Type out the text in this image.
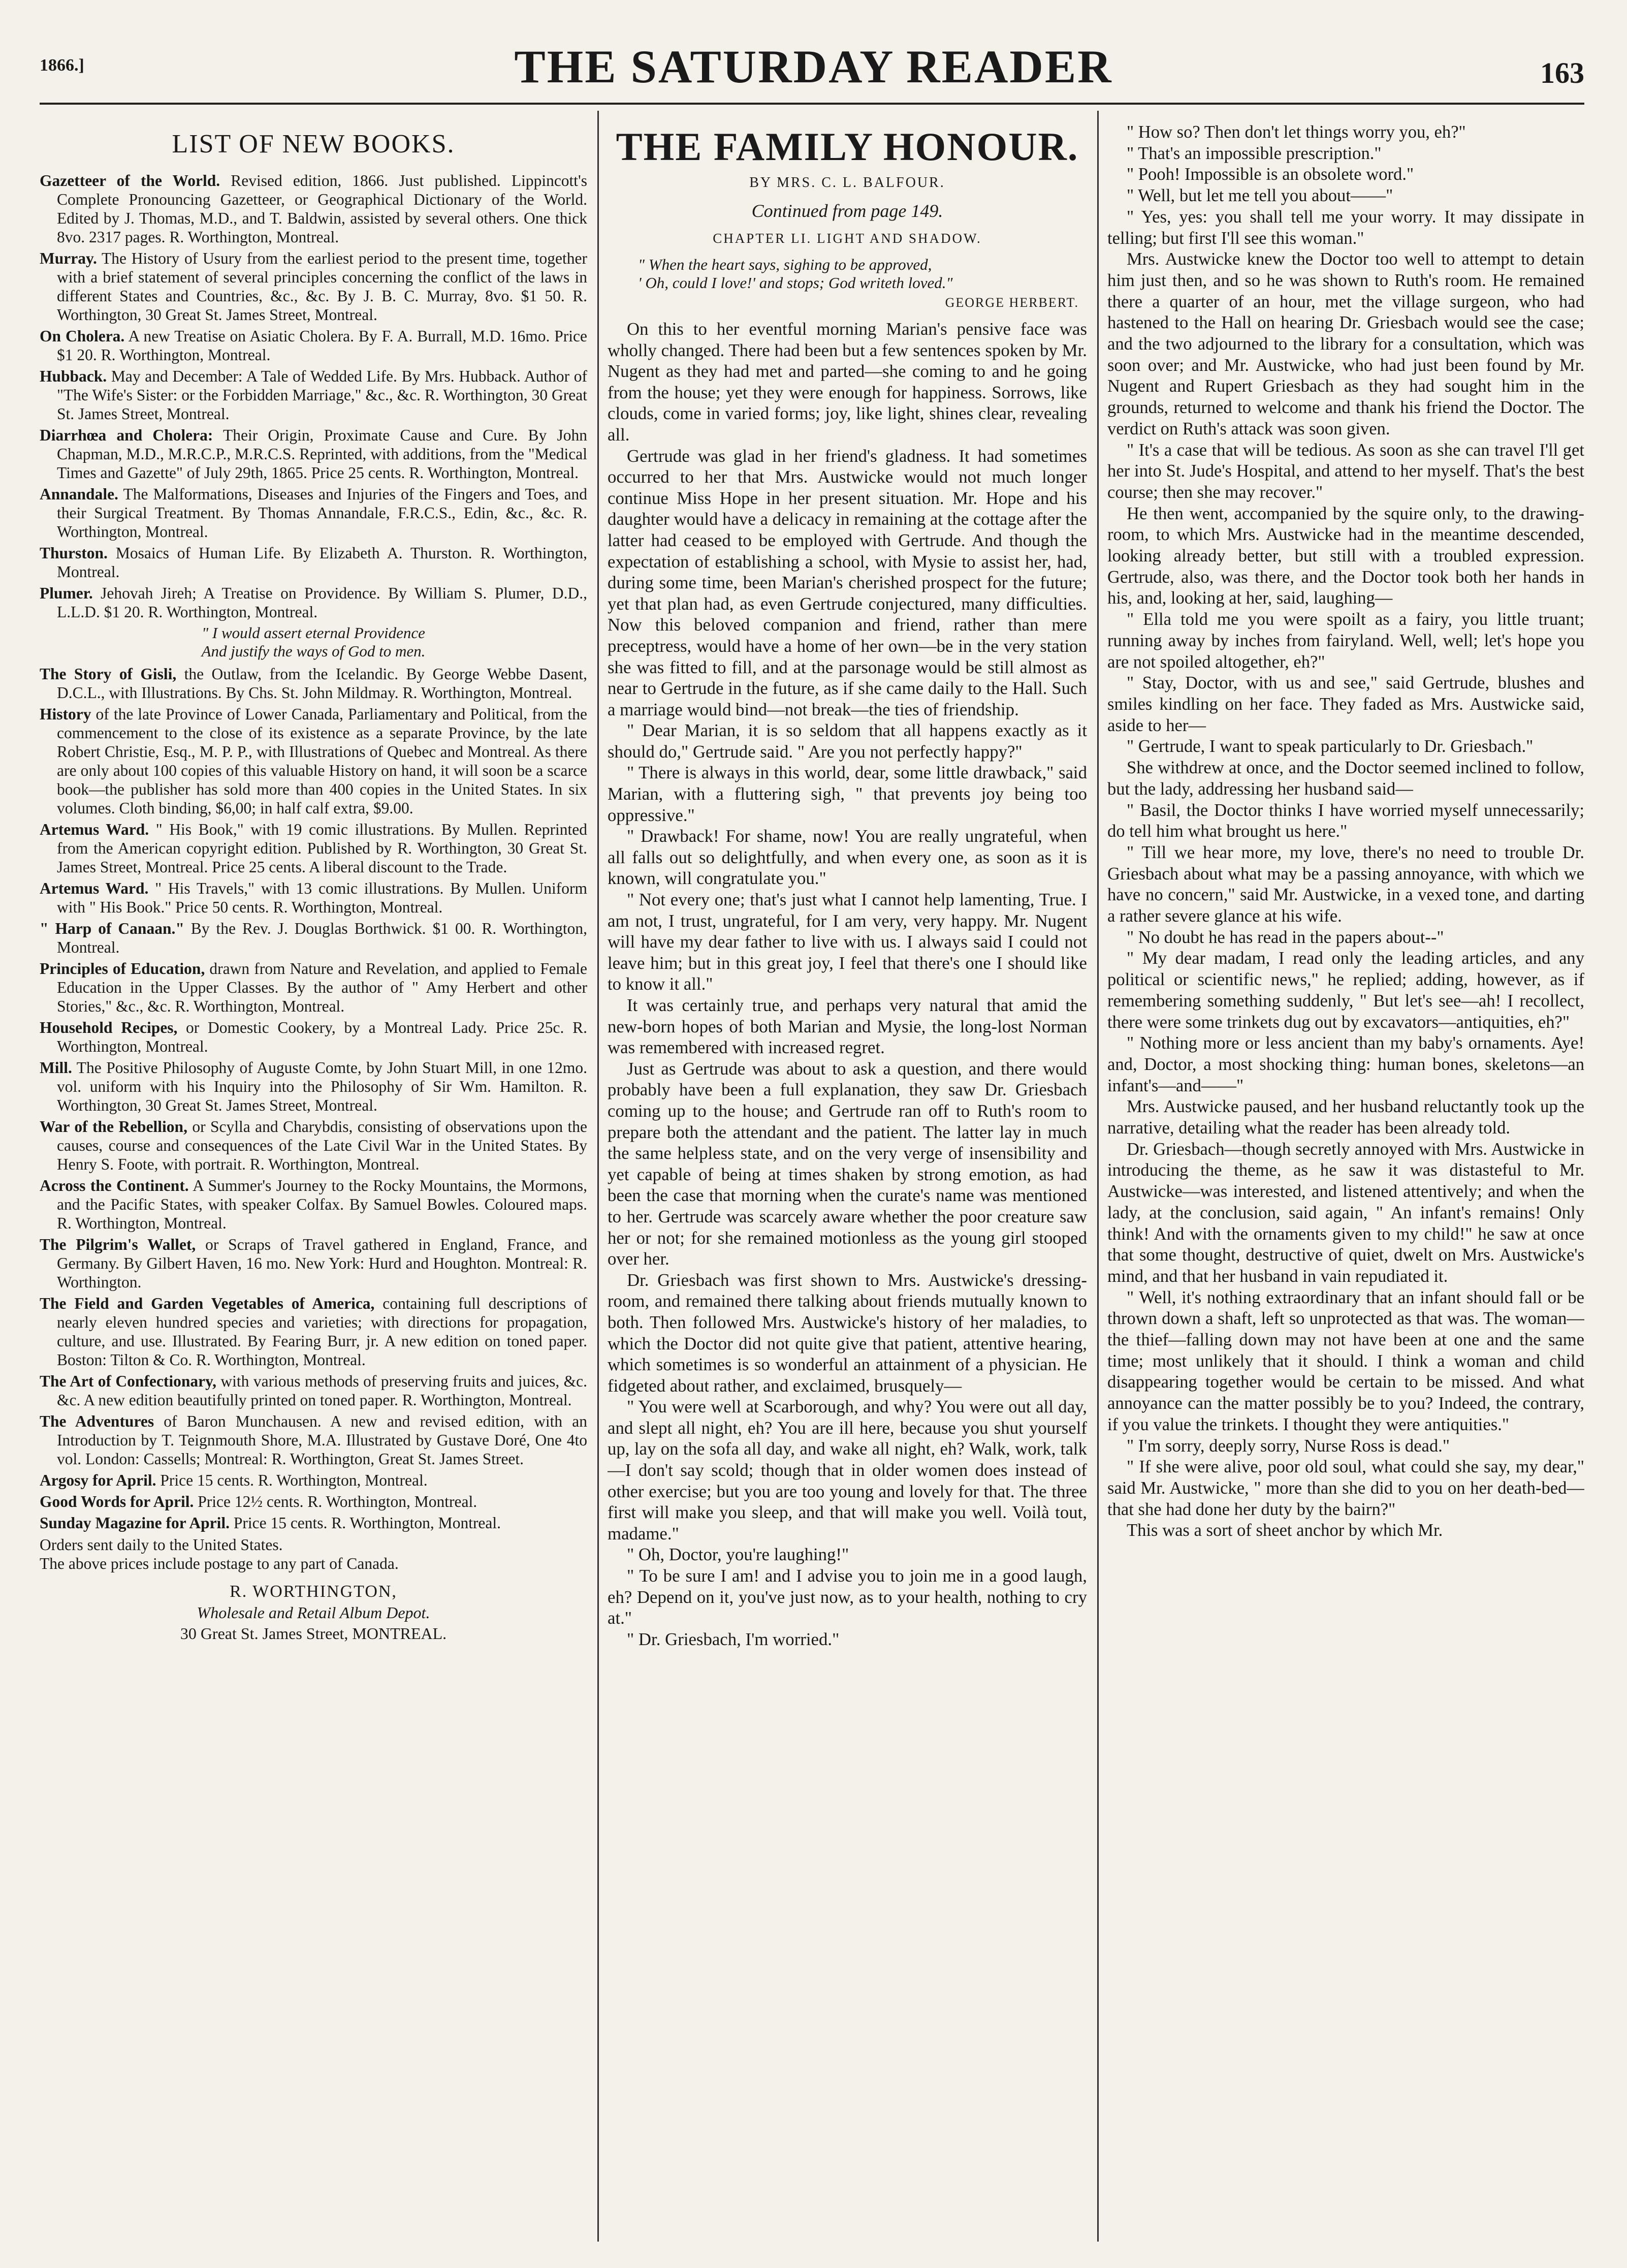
1866.]	THE SATURDAY READER	163
LIST OF NEW BOOKS.

Gazetteer of the World. Revised edition, 1866. Just published. Lippincott's Complete Pronouncing Gazetteer, or Geographical Dictionary of the World. Edited by J. Thomas, M.D., and T. Baldwin, assisted by several others. One thick 8vo. 2317 pages. R. Worthington, Montreal.

Murray. The History of Usury from the earliest period to the present time, together with a brief statement of several principles concerning the conflict of the laws in different States and Countries, &c., &c. By J. B. C. Murray, 8vo. $1 50. R. Worthington, 30 Great St. James Street, Montreal.

On Cholera. A new Treatise on Asiatic Cholera. By F. A. Burrall, M.D. 16mo. Price $1 20. R. Worthington, Montreal.

Hubback. May and December: A Tale of Wedded Life. By Mrs. Hubback. Author of "The Wife's Sister: or the Forbidden Marriage," &c., &c. R. Worthington, 30 Great St. James Street, Montreal.

Diarrhœa and Cholera: Their Origin, Proximate Cause and Cure. By John Chapman, M.D., M.R.C.P., M.R.C.S. Reprinted, with additions, from the "Medical Times and Gazette" of July 29th, 1865. Price 25 cents. R. Worthington, Montreal.

Annandale. The Malformations, Diseases and Injuries of the Fingers and Toes, and their Surgical Treatment. By Thomas Annandale, F.R.C.S., Edin, &c., &c. R. Worthington, Montreal.

Thurston. Mosaics of Human Life. By Elizabeth A. Thurston. R. Worthington, Montreal.

Plumer. Jehovah Jireh; A Treatise on Providence. By William S. Plumer, D.D., L.L.D. $1 20. R. Worthington, Montreal.

" I would assert eternal Providence
And justify the ways of God to men.

The Story of Gisli, the Outlaw, from the Icelandic. By George Webbe Dasent, D.C.L., with Illustrations. By Chs. St. John Mildmay. R. Worthington, Montreal.

History of the late Province of Lower Canada, Parliamentary and Political, from the commencement to the close of its existence as a separate Province, by the late Robert Christie, Esq., M. P. P., with Illustrations of Quebec and Montreal. As there are only about 100 copies of this valuable History on hand, it will soon be a scarce book—the publisher has sold more than 400 copies in the United States. In six volumes. Cloth binding, $6,00; in half calf extra, $9.00.

Artemus Ward. " His Book," with 19 comic illustrations. By Mullen. Reprinted from the American copyright edition. Published by R. Worthington, 30 Great St. James Street, Montreal. Price 25 cents. A liberal discount to the Trade.

Artemus Ward. " His Travels," with 13 comic illustrations. By Mullen. Uniform with " His Book." Price 50 cents. R. Worthington, Montreal.

" Harp of Canaan." By the Rev. J. Douglas Borthwick. $1 00. R. Worthington, Montreal.

Principles of Education, drawn from Nature and Revelation, and applied to Female Education in the Upper Classes. By the author of " Amy Herbert and other Stories," &c., &c. R. Worthington, Montreal.

Household Recipes, or Domestic Cookery, by a Montreal Lady. Price 25c. R. Worthington, Montreal.

Mill. The Positive Philosophy of Auguste Comte, by John Stuart Mill, in one 12mo. vol. uniform with his Inquiry into the Philosophy of Sir Wm. Hamilton. R. Worthington, 30 Great St. James Street, Montreal.

War of the Rebellion, or Scylla and Charybdis, consisting of observations upon the causes, course and consequences of the Late Civil War in the United States. By Henry S. Foote, with portrait. R. Worthington, Montreal.

Across the Continent. A Summer's Journey to the Rocky Mountains, the Mormons, and the Pacific States, with speaker Colfax. By Samuel Bowles. Coloured maps. R. Worthington, Montreal.

The Pilgrim's Wallet, or Scraps of Travel gathered in England, France, and Germany. By Gilbert Haven, 16 mo. New York: Hurd and Houghton. Montreal: R. Worthington.

The Field and Garden Vegetables of America, containing full descriptions of nearly eleven hundred species and varieties; with directions for propagation, culture, and use. Illustrated. By Fearing Burr, jr. A new edition on toned paper. Boston: Tilton & Co. R. Worthington, Montreal.

The Art of Confectionary, with various methods of preserving fruits and juices, &c. &c. A new edition beautifully printed on toned paper. R. Worthington, Montreal.

The Adventures of Baron Munchausen. A new and revised edition, with an Introduction by T. Teignmouth Shore, M.A. Illustrated by Gustave Doré, One 4to vol. London: Cassells; Montreal: R. Worthington, Great St. James Street.

Argosy for April. Price 15 cents. R. Worthington, Montreal.

Good Words for April. Price 12½ cents. R. Worthington, Montreal.

Sunday Magazine for April. Price 15 cents. R. Worthington, Montreal.

Orders sent daily to the United States.
The above prices include postage to any part of Canada.
R. WORTHINGTON,
Wholesale and Retail Album Depot.
30 Great St. James Street, MONTREAL.
THE FAMILY HONOUR.
BY MRS. C. L. BALFOUR.
Continued from page 149.
CHAPTER LI. LIGHT AND SHADOW.
" When the heart says, sighing to be approved,
' Oh, could I love!' and stops; God writeth loved."
GEORGE HERBERT.

On this to her eventful morning Marian's pensive face was wholly changed. There had been but a few sentences spoken by Mr. Nugent as they had met and parted—she coming to and he going from the house; yet they were enough for happiness. Sorrows, like clouds, come in varied forms; joy, like light, shines clear, revealing all.

Gertrude was glad in her friend's gladness. It had sometimes occurred to her that Mrs. Austwicke would not much longer continue Miss Hope in her present situation. Mr. Hope and his daughter would have a delicacy in remaining at the cottage after the latter had ceased to be employed with Gertrude. And though the expectation of establishing a school, with Mysie to assist her, had, during some time, been Marian's cherished prospect for the future; yet that plan had, as even Gertrude conjectured, many difficulties. Now this beloved companion and friend, rather than mere preceptress, would have a home of her own—be in the very station she was fitted to fill, and at the parsonage would be still almost as near to Gertrude in the future, as if she came daily to the Hall. Such a marriage would bind—not break—the ties of friendship.

" Dear Marian, it is so seldom that all happens exactly as it should do," Gertrude said. " Are you not perfectly happy?"

" There is always in this world, dear, some little drawback," said Marian, with a fluttering sigh, " that prevents joy being too oppressive."

" Drawback! For shame, now! You are really ungrateful, when all falls out so delightfully, and when every one, as soon as it is known, will congratulate you."

" Not every one; that's just what I cannot help lamenting, True. I am not, I trust, ungrateful, for I am very, very happy. Mr. Nugent will have my dear father to live with us. I always said I could not leave him; but in this great joy, I feel that there's one I should like to know it all."

It was certainly true, and perhaps very natural that amid the new-born hopes of both Marian and Mysie, the long-lost Norman was remembered with increased regret.

Just as Gertrude was about to ask a question, and there would probably have been a full explanation, they saw Dr. Griesbach coming up to the house; and Gertrude ran off to Ruth's room to prepare both the attendant and the patient. The latter lay in much the same helpless state, and on the very verge of insensibility and yet capable of being at times shaken by strong emotion, as had been the case that morning when the curate's name was mentioned to her. Gertrude was scarcely aware whether the poor creature saw her or not; for she remained motionless as the young girl stooped over her.

Dr. Griesbach was first shown to Mrs. Austwicke's dressing-room, and remained there talking about friends mutually known to both. Then followed Mrs. Austwicke's history of her maladies, to which the Doctor did not quite give that patient, attentive hearing, which sometimes is so wonderful an attainment of a physician. He fidgeted about rather, and exclaimed, brusquely—

" You were well at Scarborough, and why? You were out all day, and slept all night, eh? You are ill here, because you shut yourself up, lay on the sofa all day, and wake all night, eh? Walk, work, talk—I don't say scold; though that in older women does instead of other exercise; but you are too young and lovely for that. The three first will make you sleep, and that will make you well. Voilà tout, madame."

" Oh, Doctor, you're laughing!"

" To be sure I am! and I advise you to join me in a good laugh, eh? Depend on it, you've just now, as to your health, nothing to cry at."

" Dr. Griesbach, I'm worried."

" How so? Then don't let things worry you, eh?"

" That's an impossible prescription."

" Pooh! Impossible is an obsolete word."

" Well, but let me tell you about——"

" Yes, yes: you shall tell me your worry. It may dissipate in telling; but first I'll see this woman."

Mrs. Austwicke knew the Doctor too well to attempt to detain him just then, and so he was shown to Ruth's room. He remained there a quarter of an hour, met the village surgeon, who had hastened to the Hall on hearing Dr. Griesbach would see the case; and the two adjourned to the library for a consultation, which was soon over; and Mr. Austwicke, who had just been found by Mr. Nugent and Rupert Griesbach as they had sought him in the grounds, returned to welcome and thank his friend the Doctor. The verdict on Ruth's attack was soon given.

" It's a case that will be tedious. As soon as she can travel I'll get her into St. Jude's Hospital, and attend to her myself. That's the best course; then she may recover."

He then went, accompanied by the squire only, to the drawing-room, to which Mrs. Austwicke had in the meantime descended, looking already better, but still with a troubled expression. Gertrude, also, was there, and the Doctor took both her hands in his, and, looking at her, said, laughing—

" Ella told me you were spoilt as a fairy, you little truant; running away by inches from fairyland. Well, well; let's hope you are not spoiled altogether, eh?"

" Stay, Doctor, with us and see," said Gertrude, blushes and smiles kindling on her face. They faded as Mrs. Austwicke said, aside to her—

" Gertrude, I want to speak particularly to Dr. Griesbach."

She withdrew at once, and the Doctor seemed inclined to follow, but the lady, addressing her husband said—

" Basil, the Doctor thinks I have worried myself unnecessarily; do tell him what brought us here."

" Till we hear more, my love, there's no need to trouble Dr. Griesbach about what may be a passing annoyance, with which we have no concern," said Mr. Austwicke, in a vexed tone, and darting a rather severe glance at his wife.

" No doubt he has read in the papers about--"

" My dear madam, I read only the leading articles, and any political or scientific news," he replied; adding, however, as if remembering something suddenly, " But let's see—ah! I recollect, there were some trinkets dug out by excavators—antiquities, eh?"

" Nothing more or less ancient than my baby's ornaments. Aye! and, Doctor, a most shocking thing: human bones, skeletons—an infant's—and——"

Mrs. Austwicke paused, and her husband reluctantly took up the narrative, detailing what the reader has been already told.

Dr. Griesbach—though secretly annoyed with Mrs. Austwicke in introducing the theme, as he saw it was distasteful to Mr. Austwicke—was interested, and listened attentively; and when the lady, at the conclusion, said again, " An infant's remains! Only think! And with the ornaments given to my child!" he saw at once that some thought, destructive of quiet, dwelt on Mrs. Austwicke's mind, and that her husband in vain repudiated it.

" Well, it's nothing extraordinary that an infant should fall or be thrown down a shaft, left so unprotected as that was. The woman—the thief—falling down may not have been at one and the same time; most unlikely that it should. I think a woman and child disappearing together would be certain to be missed. And what annoyance can the matter possibly be to you? Indeed, the contrary, if you value the trinkets. I thought they were antiquities."

" I'm sorry, deeply sorry, Nurse Ross is dead."

" If she were alive, poor old soul, what could she say, my dear," said Mr. Austwicke, " more than she did to you on her death-bed—that she had done her duty by the bairn?"

This was a sort of sheet anchor by which Mr.
